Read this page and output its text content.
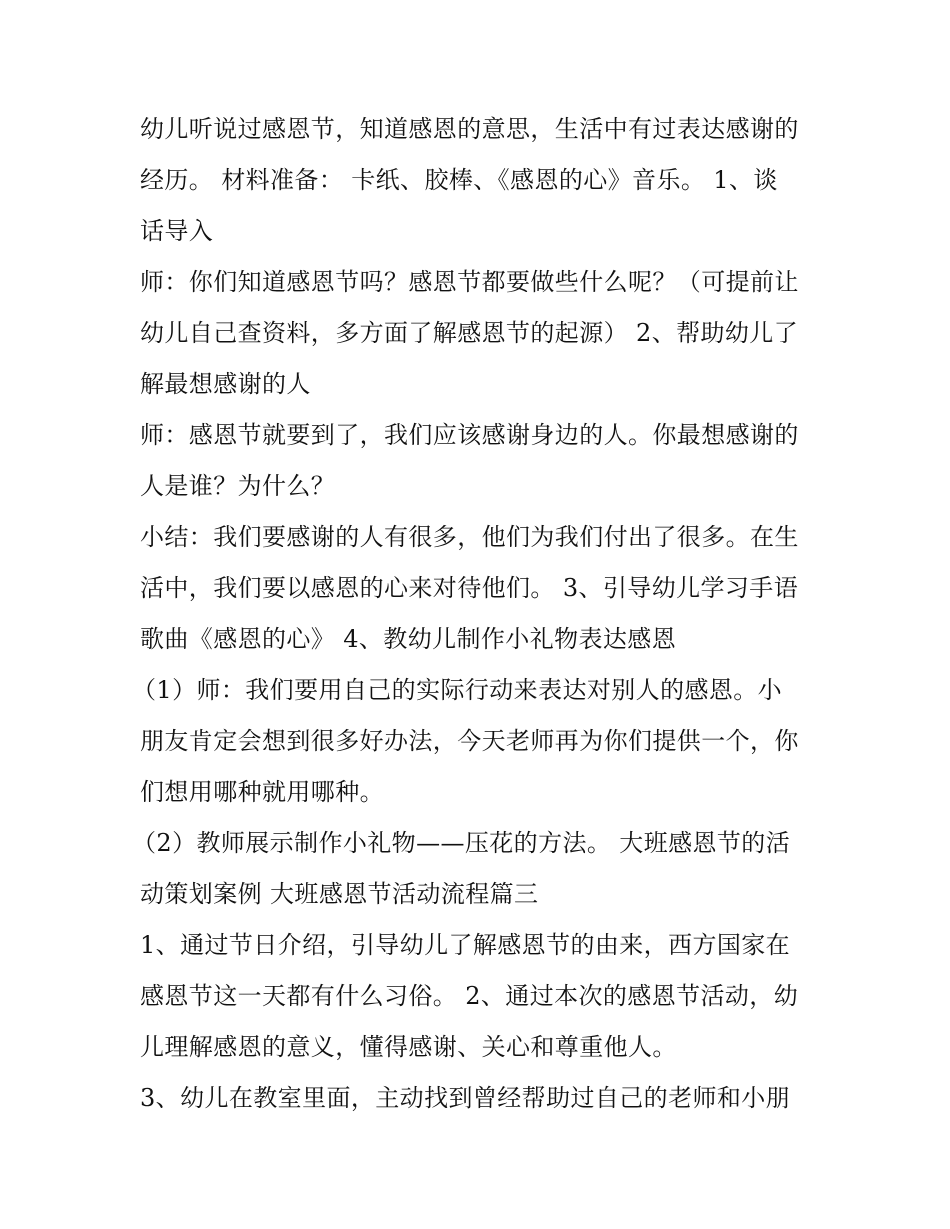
幼儿听说过感恩节，知道感恩的意思，生活中有过表达感谢的
经历。 材料准备： 卡纸、胶棒、《感恩的心》音乐。 1、谈
话导入
师：你们知道感恩节吗？感恩节都要做些什么呢？（可提前让
幼儿自己查资料，多方面了解感恩节的起源） 2、帮助幼儿了
解最想感谢的人
师：感恩节就要到了，我们应该感谢身边的人。你最想感谢的
人是谁？为什么？
小结：我们要感谢的人有很多，他们为我们付出了很多。在生
活中，我们要以感恩的心来对待他们。 3、引导幼儿学习手语
歌曲《感恩的心》 4、教幼儿制作小礼物表达感恩
（1）师：我们要用自己的实际行动来表达对别人的感恩。小
朋友肯定会想到很多好办法，今天老师再为你们提供一个，你
们想用哪种就用哪种。
（2）教师展示制作小礼物——压花的方法。 大班感恩节的活
动策划案例 大班感恩节活动流程篇三
1、通过节日介绍，引导幼儿了解感恩节的由来，西方国家在
感恩节这一天都有什么习俗。 2、通过本次的感恩节活动，幼
儿理解感恩的意义，懂得感谢、关心和尊重他人。
3、幼儿在教室里面，主动找到曾经帮助过自己的老师和小朋
